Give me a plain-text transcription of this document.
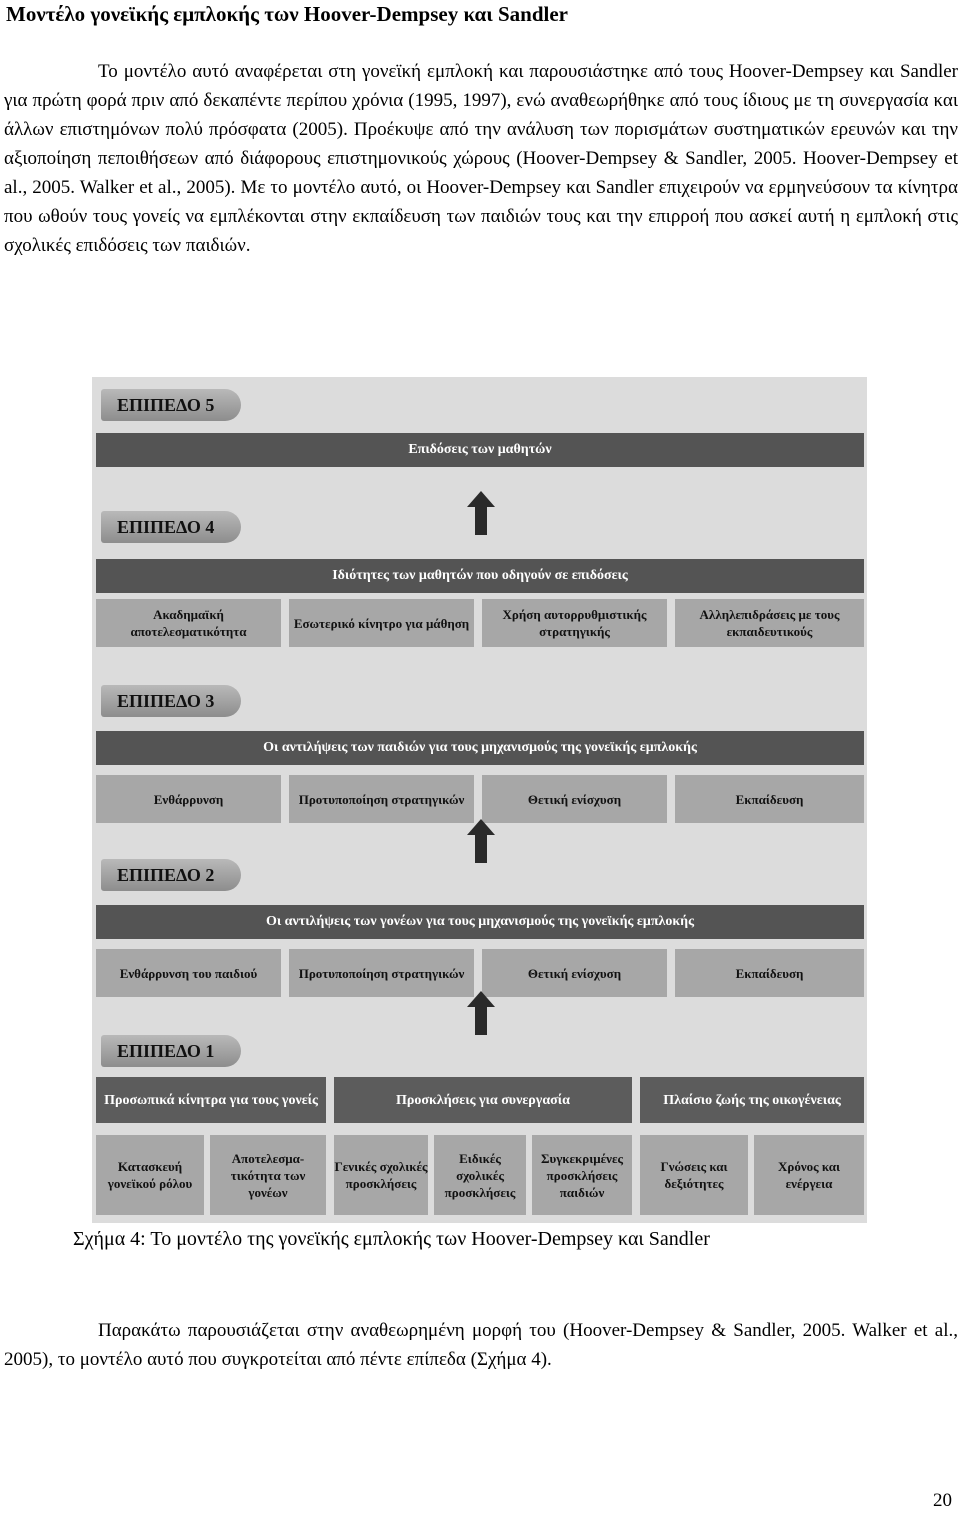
Μοντέλο γονεϊκής εμπλοκής των Hoover-Dempsey και Sandler

Το μοντέλο αυτό αναφέρεται στη γονεϊκή εμπλοκή και παρουσιάστηκε από τους Hoover-Dempsey και Sandler για πρώτη φορά πριν από δεκαπέντε περίπου χρόνια (1995, 1997), ενώ αναθεωρήθηκε από τους ίδιους με τη συνεργασία και άλλων επιστημόνων πολύ πρόσφατα (2005). Προέκυψε από την ανάλυση των πορισμάτων συστηματικών ερευνών και την αξιοποίηση πεποιθήσεων από διάφορους επιστημονικούς χώρους (Hoover-Dempsey & Sandler, 2005. Hoover-Dempsey et al., 2005. Walker et al., 2005). Με το μοντέλο αυτό, οι Hoover-Dempsey και Sandler επιχειρούν να ερμηνεύσουν τα κίνητρα που ωθούν τους γονείς να εμπλέκονται στην εκπαίδευση των παιδιών τους και την επιρροή που ασκεί αυτή η εμπλοκή στις σχολικές επιδόσεις των παιδιών.

ΕΠΙΠΕΔΟ 5
Επιδόσεις των μαθητών
ΕΠΙΠΕΔΟ 4
Ιδιότητες των μαθητών που οδηγούν σε επιδόσεις
Ακαδημαϊκή αποτελεσματικότητα
Εσωτερικό κίνητρο για μάθηση
Χρήση αυτορρυθμιστικής στρατηγικής
Αλληλεπιδράσεις με τους εκπαιδευτικούς
ΕΠΙΠΕΔΟ 3
Οι αντιλήψεις των παιδιών για τους μηχανισμούς της γονεϊκής εμπλοκής
Ενθάρρυνση	Προτυποποίηση στρατηγικών	Θετική ενίσχυση	Εκπαίδευση
ΕΠΙΠΕΔΟ 2
Οι αντιλήψεις των γονέων για τους μηχανισμούς της γονεϊκής εμπλοκής
Ενθάρρυνση του παιδιού	Προτυποποίηση στρατηγικών	Θετική ενίσχυση	Εκπαίδευση
ΕΠΙΠΕΔΟ 1
Προσωπικά κίνητρα για τους γονείς	Προσκλήσεις για συνεργασία	Πλαίσιο ζωής της οικογένειας
Κατασκευή γονεϊκού ρόλου
Αποτελεσμα-τικότητα των γονέων
Γενικές σχολικές προσκλήσεις
Ειδικές σχολικές προσκλήσεις
Συγκεκριμένες προσκλήσεις παιδιών
Γνώσεις και δεξιότητες
Χρόνος και ενέργεια
Σχήμα 4: Το μοντέλο της γονεϊκής εμπλοκής των Hoover-Dempsey και Sandler

Παρακάτω παρουσιάζεται στην αναθεωρημένη μορφή του (Hoover-Dempsey & Sandler, 2005. Walker et al., 2005), το μοντέλο αυτό που συγκροτείται από πέντε επίπεδα (Σχήμα 4).

20
